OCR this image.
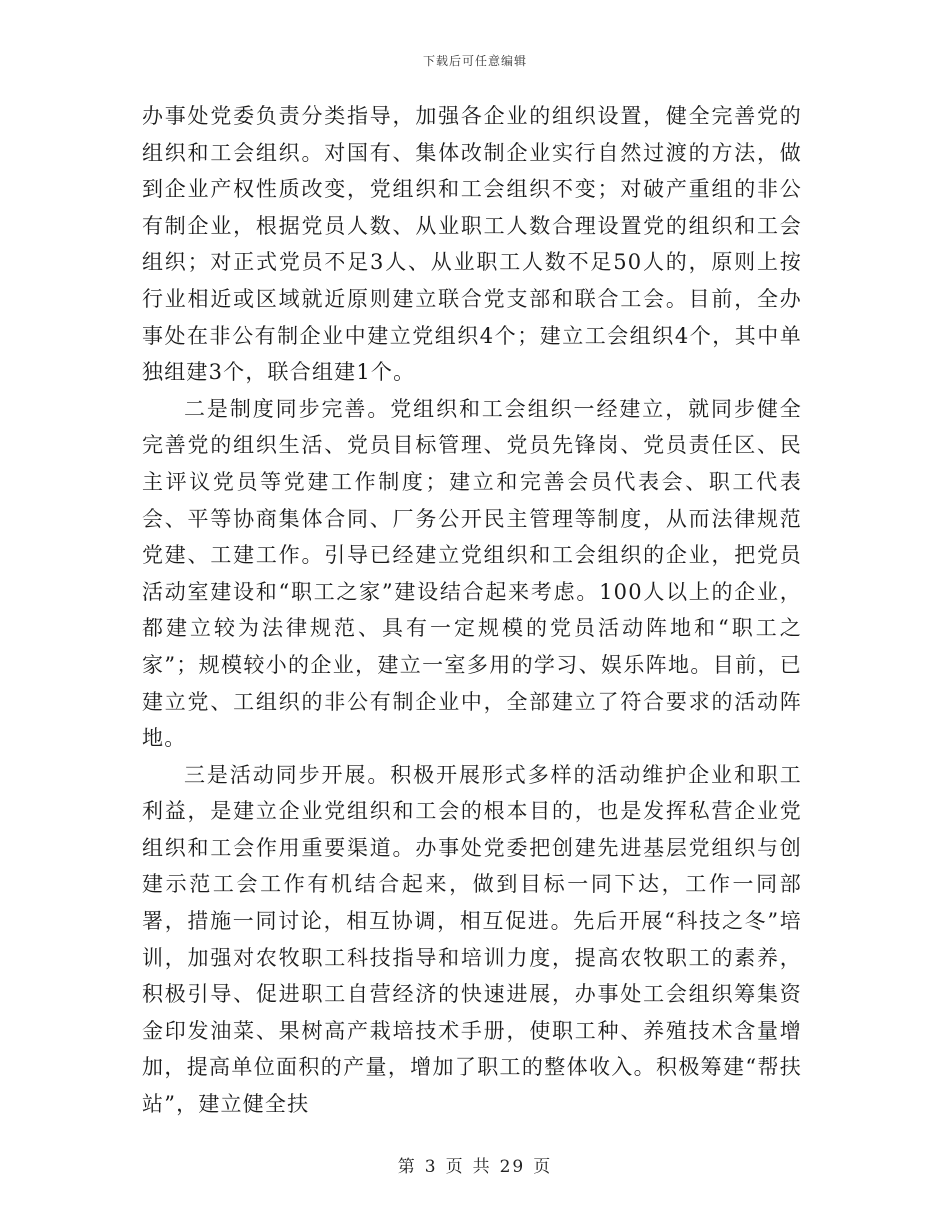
下载后可任意编辑

办事处党委负责分类指导，加强各企业的组织设置，健全完善党的组织和工会组织。对国有、集体改制企业实行自然过渡的方法，做到企业产权性质改变，党组织和工会组织不变；对破产重组的非公有制企业，根据党员人数、从业职工人数合理设置党的组织和工会组织；对正式党员不足3人、从业职工人数不足50人的，原则上按行业相近或区域就近原则建立联合党支部和联合工会。目前，全办事处在非公有制企业中建立党组织4个；建立工会组织4个，其中单独组建3个，联合组建1个。

二是制度同步完善。党组织和工会组织一经建立，就同步健全完善党的组织生活、党员目标管理、党员先锋岗、党员责任区、民主评议党员等党建工作制度；建立和完善会员代表会、职工代表会、平等协商集体合同、厂务公开民主管理等制度，从而法律规范党建、工建工作。引导已经建立党组织和工会组织的企业，把党员活动室建设和“职工之家”建设结合起来考虑。100人以上的企业，都建立较为法律规范、具有一定规模的党员活动阵地和“职工之家”；规模较小的企业，建立一室多用的学习、娱乐阵地。目前，已建立党、工组织的非公有制企业中，全部建立了符合要求的活动阵地。

三是活动同步开展。积极开展形式多样的活动维护企业和职工利益，是建立企业党组织和工会的根本目的，也是发挥私营企业党组织和工会作用重要渠道。办事处党委把创建先进基层党组织与创建示范工会工作有机结合起来，做到目标一同下达，工作一同部署，措施一同讨论，相互协调，相互促进。先后开展“科技之冬”培训，加强对农牧职工科技指导和培训力度，提高农牧职工的素养，积极引导、促进职工自营经济的快速进展，办事处工会组织筹集资金印发油菜、果树高产栽培技术手册，使职工种、养殖技术含量增加，提高单位面积的产量，增加了职工的整体收入。积极筹建“帮扶站”，建立健全扶

第 3 页 共 29 页
